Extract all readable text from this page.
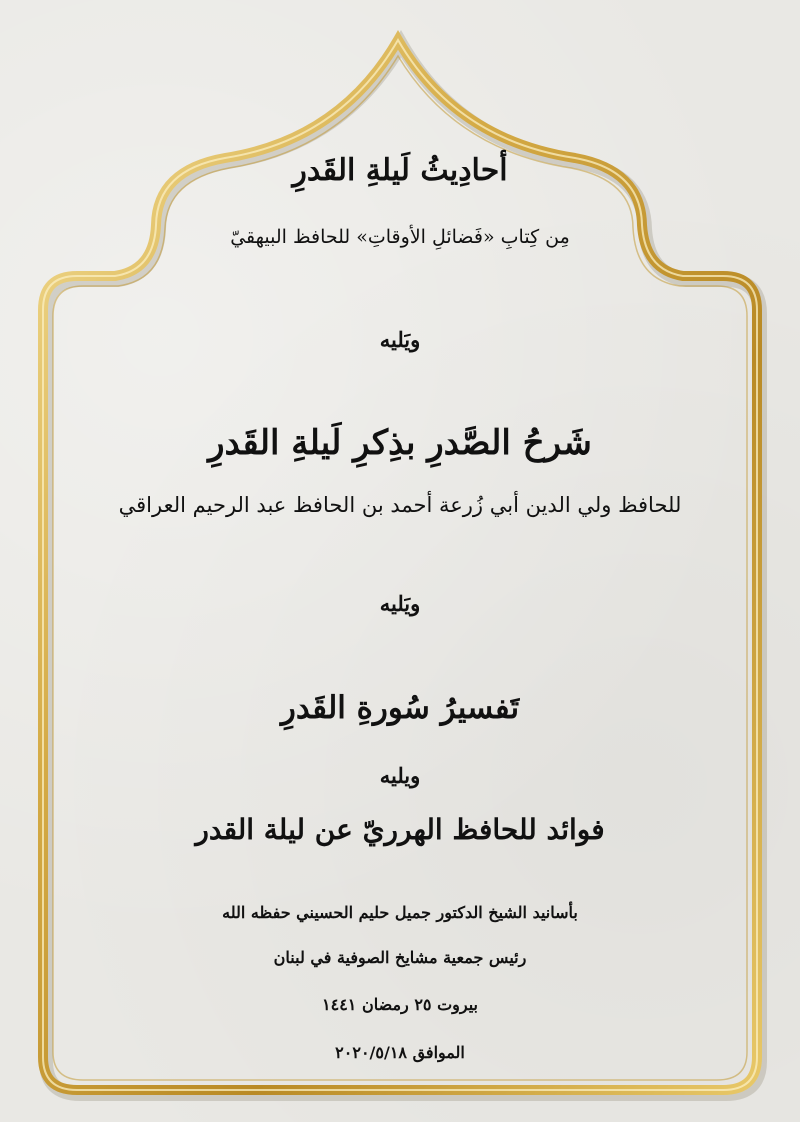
أحادِيثُ لَيلةِ القَدرِ
مِن كِتابِ «فَضائلِ الأوقاتِ» للحافظ البيهقيّ
ويَليه
شَرحُ الصَّدرِ بذِكرِ لَيلةِ القَدرِ
للحافظ ولي الدين أبي زُرعة أحمد بن الحافظ عبد الرحيم العراقي
ويَليه
تَفسيرُ سُورةِ القَدرِ
ويليه
فوائد للحافظ الهرريّ عن ليلة القدر
بأسانيد الشيخ الدكتور جميل حليم الحسيني حفظه الله
رئيس جمعية مشايخ الصوفية في لبنان
بيروت ٢٥ رمضان ١٤٤١
الموافق ٢٠٢٠/٥/١٨
